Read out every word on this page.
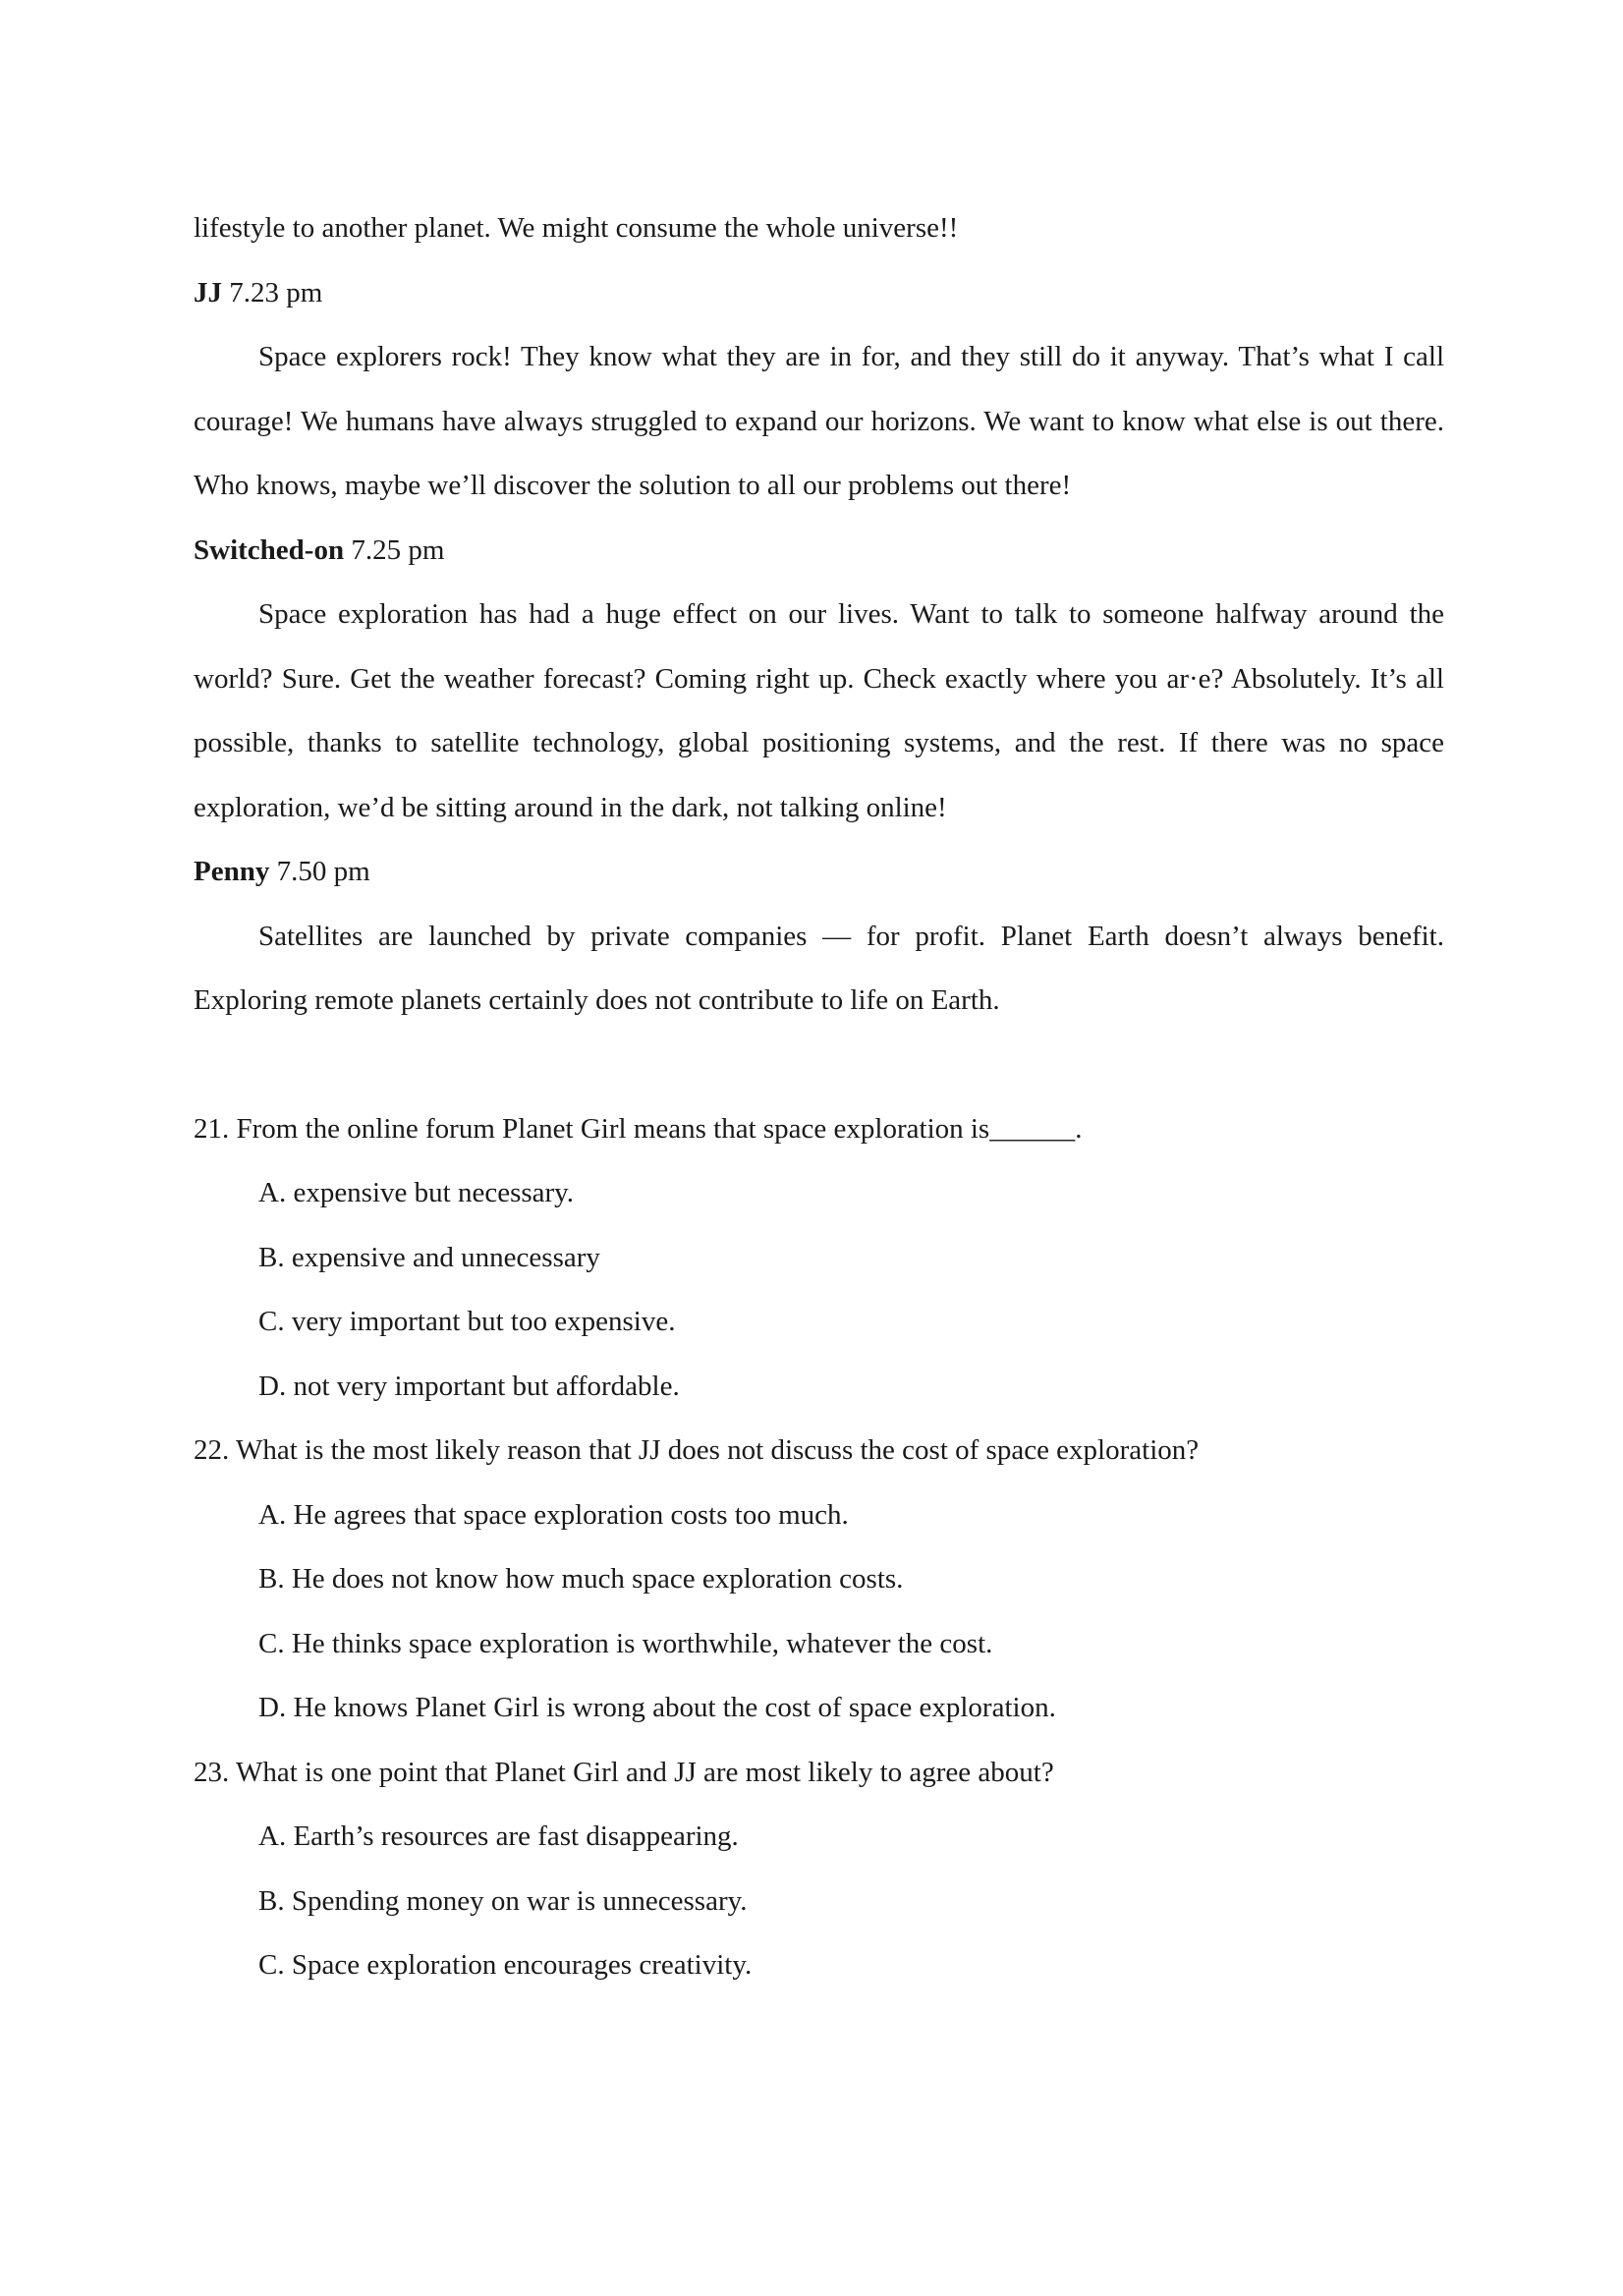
lifestyle to another planet. We might consume the whole universe!!

JJ 7.23 pm

Space explorers rock! They know what they are in for, and they still do it anyway. That’s what I call courage! We humans have always struggled to expand our horizons. We want to know what else is out there. Who knows, maybe we’ll discover the solution to all our problems out there!

Switched-on 7.25 pm

Space exploration has had a huge effect on our lives. Want to talk to someone halfway around the world? Sure. Get the weather forecast? Coming right up. Check exactly where you ar·e? Absolutely. It’s all possible, thanks to satellite technology, global positioning systems, and the rest. If there was no space exploration, we’d be sitting around in the dark, not talking online!

Penny 7.50 pm

Satellites are launched by private companies — for profit. Planet Earth doesn’t always benefit. Exploring remote planets certainly does not contribute to life on Earth.

21. From the online forum Planet Girl means that space exploration is______.

A. expensive but necessary.

B. expensive and unnecessary

C. very important but too expensive.

D. not very important but affordable.

22. What is the most likely reason that JJ does not discuss the cost of space exploration?

A. He agrees that space exploration costs too much.

B. He does not know how much space exploration costs.

C. He thinks space exploration is worthwhile, whatever the cost.

D. He knows Planet Girl is wrong about the cost of space exploration.

23. What is one point that Planet Girl and JJ are most likely to agree about?

A. Earth’s resources are fast disappearing.

B. Spending money on war is unnecessary.

C. Space exploration encourages creativity.
